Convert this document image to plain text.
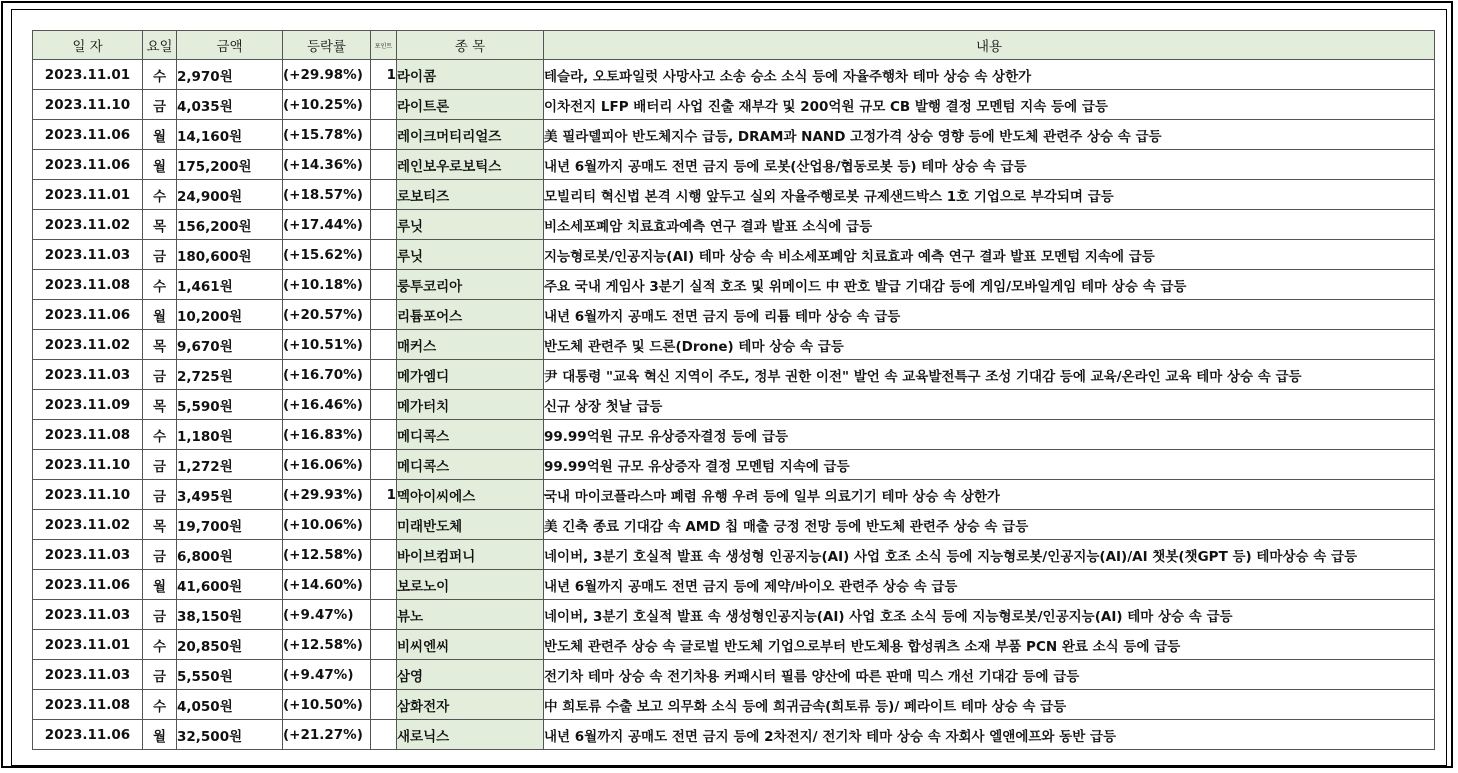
일 자	요일	금액	등락률	포인트	종 목	내용
2023.11.01	수	2,970원	(+29.98%)	1	라이콤	테슬라, 오토파일럿 사망사고 소송 승소 소식 등에 자율주행차 테마 상승 속 상한가
2023.11.10	금	4,035원	(+10.25%)		라이트론	이차전지 LFP 배터리 사업 진출 재부각 및 200억원 규모 CB 발행 결정 모멘텀 지속 등에 급등
2023.11.06	월	14,160원	(+15.78%)		레이크머티리얼즈	美 필라델피아 반도체지수 급등, DRAM과 NAND 고정가격 상승 영향 등에 반도체 관련주 상승 속 급등
2023.11.06	월	175,200원	(+14.36%)		레인보우로보틱스	내년 6월까지 공매도 전면 금지 등에 로봇(산업용/협동로봇 등) 테마 상승 속 급등
2023.11.01	수	24,900원	(+18.57%)		로보티즈	모빌리티 혁신법 본격 시행 앞두고 실외 자율주행로봇 규제샌드박스 1호 기업으로 부각되며 급등
2023.11.02	목	156,200원	(+17.44%)		루닛	비소세포폐암 치료효과예측 연구 결과 발표 소식에 급등
2023.11.03	금	180,600원	(+15.62%)		루닛	지능형로봇/인공지능(AI) 테마 상승 속 비소세포폐암 치료효과 예측 연구 결과 발표 모멘텀 지속에 급등
2023.11.08	수	1,461원	(+10.18%)		룽투코리아	주요 국내 게임사 3분기 실적 호조 및 위메이드 中 판호 발급 기대감 등에 게임/모바일게임 테마 상승 속 급등
2023.11.06	월	10,200원	(+20.57%)		리튬포어스	내년 6월까지 공매도 전면 금지 등에 리튬 테마 상승 속 급등
2023.11.02	목	9,670원	(+10.51%)		매커스	반도체 관련주 및 드론(Drone) 테마 상승 속 급등
2023.11.03	금	2,725원	(+16.70%)		메가엠디	尹 대통령 "교육 혁신 지역이 주도, 정부 권한 이전" 발언 속 교육발전특구 조성 기대감 등에 교육/온라인 교육 테마 상승 속 급등
2023.11.09	목	5,590원	(+16.46%)		메가터치	신규 상장 첫날 급등
2023.11.08	수	1,180원	(+16.83%)		메디콕스	99.99억원 규모 유상증자결정 등에 급등
2023.11.10	금	1,272원	(+16.06%)		메디콕스	99.99억원 규모 유상증자 결정 모멘텀 지속에 급등
2023.11.10	금	3,495원	(+29.93%)	1	멕아이씨에스	국내 마이코플라스마 폐렴 유행 우려 등에 일부 의료기기 테마 상승 속 상한가
2023.11.02	목	19,700원	(+10.06%)		미래반도체	美 긴축 종료 기대감 속 AMD 칩 매출 긍정 전망 등에 반도체 관련주 상승 속 급등
2023.11.03	금	6,800원	(+12.58%)		바이브컴퍼니	네이버, 3분기 호실적 발표 속 생성형 인공지능(AI) 사업 호조 소식 등에 지능형로봇/인공지능(AI)/AI 챗봇(챗GPT 등) 테마상승 속 급등
2023.11.06	월	41,600원	(+14.60%)		보로노이	내년 6월까지 공매도 전면 금지 등에 제약/바이오 관련주 상승 속 급등
2023.11.03	금	38,150원	(+9.47%)		뷰노	네이버, 3분기 호실적 발표 속 생성형인공지능(AI) 사업 호조 소식 등에 지능형로봇/인공지능(AI) 테마 상승 속 급등
2023.11.01	수	20,850원	(+12.58%)		비씨엔씨	반도체 관련주 상승 속 글로벌 반도체 기업으로부터 반도체용 합성쿼츠 소재 부품 PCN 완료 소식 등에 급등
2023.11.03	금	5,550원	(+9.47%)		삼영	전기차 테마 상승 속 전기차용 커패시터 필름 양산에 따른 판매 믹스 개선 기대감 등에 급등
2023.11.08	수	4,050원	(+10.50%)		삼화전자	中 희토류 수출 보고 의무화 소식 등에 희귀금속(희토류 등)/ 페라이트 테마 상승 속 급등
2023.11.06	월	32,500원	(+21.27%)		새로닉스	내년 6월까지 공매도 전면 금지 등에 2차전지/ 전기차 테마 상승 속 자회사 엘앤에프와 동반 급등
